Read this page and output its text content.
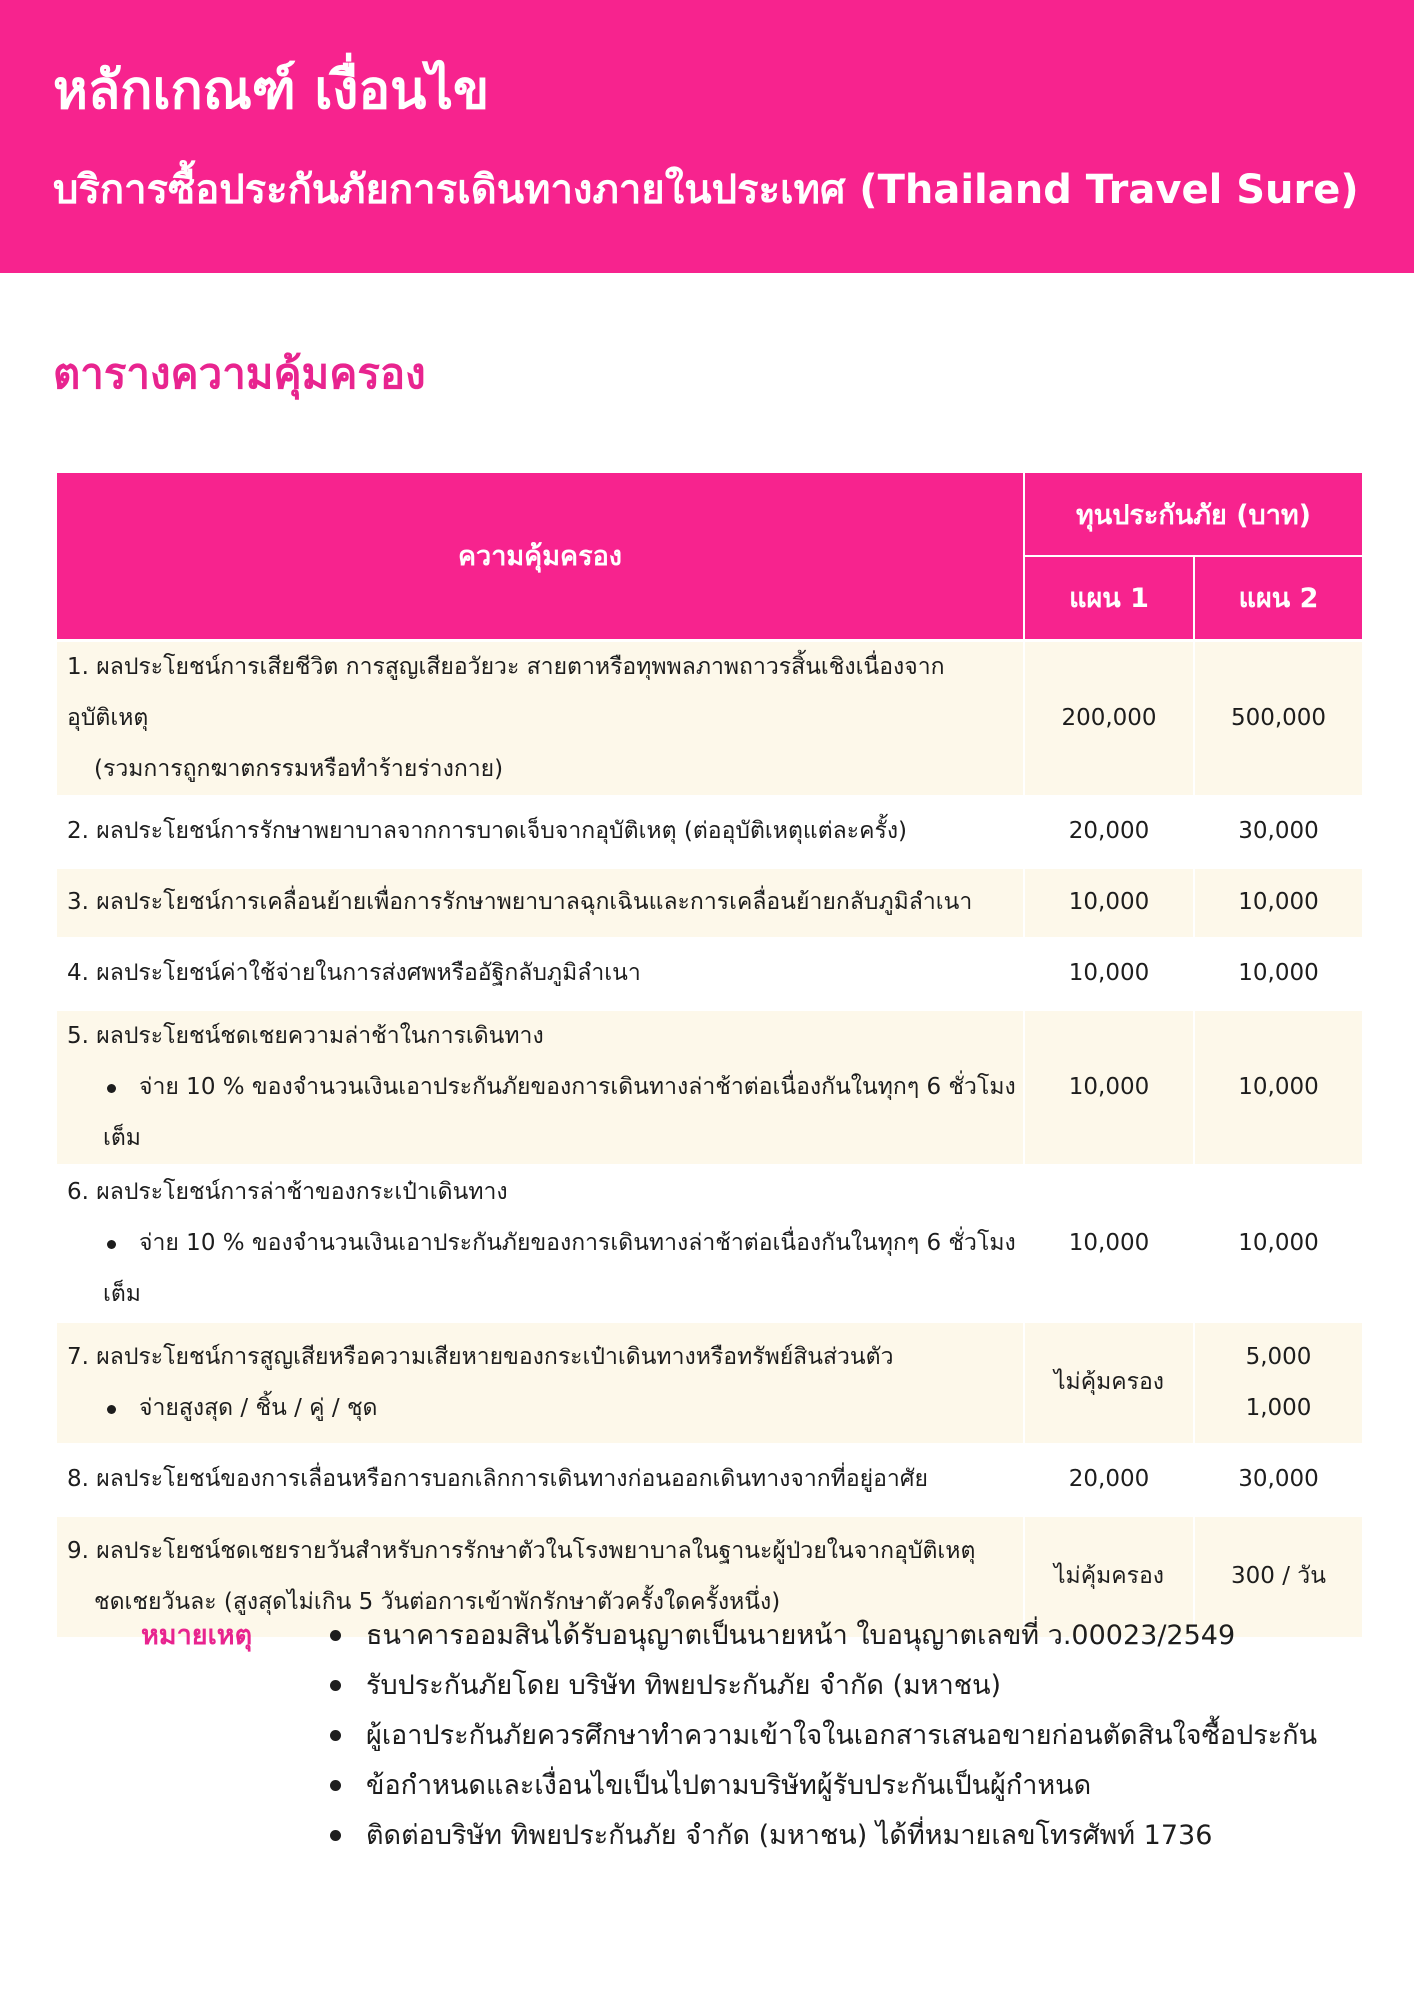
หลักเกณฑ์ เงื่อนไข
บริการซื้อประกันภัยการเดินทางภายในประเทศ (Thailand Travel Sure)
ตารางความคุ้มครอง
ความคุ้มครอง	ทุนประกันภัย (บาท)	
	แผน 1	แผน 2
1. ผลประโยชน์การเสียชีวิต การสูญเสียอวัยวะ สายตาหรือทุพพลภาพถาวรสิ้นเชิงเนื่องจากอุบัติเหตุ
(รวมการถูกฆาตกรรมหรือทำร้ายร่างกาย)	200,000	500,000
2. ผลประโยชน์การรักษาพยาบาลจากการบาดเจ็บจากอุบัติเหตุ (ต่ออุบัติเหตุแต่ละครั้ง)	20,000	30,000
3. ผลประโยชน์การเคลื่อนย้ายเพื่อการรักษาพยาบาลฉุกเฉินและการเคลื่อนย้ายกลับภูมิลำเนา	10,000	10,000
4. ผลประโยชน์ค่าใช้จ่ายในการส่งศพหรืออัฐิกลับภูมิลำเนา	10,000	10,000
5. ผลประโยชน์ชดเชยความล่าช้าในการเดินทาง
จ่าย 10 % ของจำนวนเงินเอาประกันภัยของการเดินทางล่าช้าต่อเนื่องกันในทุกๆ 6 ชั่วโมงเต็ม	10,000	10,000
6. ผลประโยชน์การล่าช้าของกระเป๋าเดินทาง
จ่าย 10 % ของจำนวนเงินเอาประกันภัยของการเดินทางล่าช้าต่อเนื่องกันในทุกๆ 6 ชั่วโมงเต็ม	10,000	10,000
7. ผลประโยชน์การสูญเสียหรือความเสียหายของกระเป๋าเดินทางหรือทรัพย์สินส่วนตัว
จ่ายสูงสุด / ชิ้น / คู่ / ชุด	ไม่คุ้มครอง	5,000
1,000

8. ผลประโยชน์ของการเลื่อนหรือการบอกเลิกการเดินทางก่อนออกเดินทางจากที่อยู่อาศัย	20,000	30,000
9. ผลประโยชน์ชดเชยรายวันสำหรับการรักษาตัวในโรงพยาบาลในฐานะผู้ป่วยในจากอุบัติเหตุ
ชดเชยวันละ (สูงสุดไม่เกิน 5 วันต่อการเข้าพักรักษาตัวครั้งใดครั้งหนึ่ง)	ไม่คุ้มครอง	300 / วัน
หมายเหตุ	ธนาคารออมสินได้รับอนุญาตเป็นนายหน้า ใบอนุญาตเลขที่ ว.00023/2549
รับประกันภัยโดย บริษัท ทิพยประกันภัย จำกัด (มหาชน)
ผู้เอาประกันภัยควรศึกษาทำความเข้าใจในเอกสารเสนอขายก่อนตัดสินใจซื้อประกัน
ข้อกำหนดและเงื่อนไขเป็นไปตามบริษัทผู้รับประกันเป็นผู้กำหนด
ติดต่อบริษัท ทิพยประกันภัย จำกัด (มหาชน) ได้ที่หมายเลขโทรศัพท์ 1736
